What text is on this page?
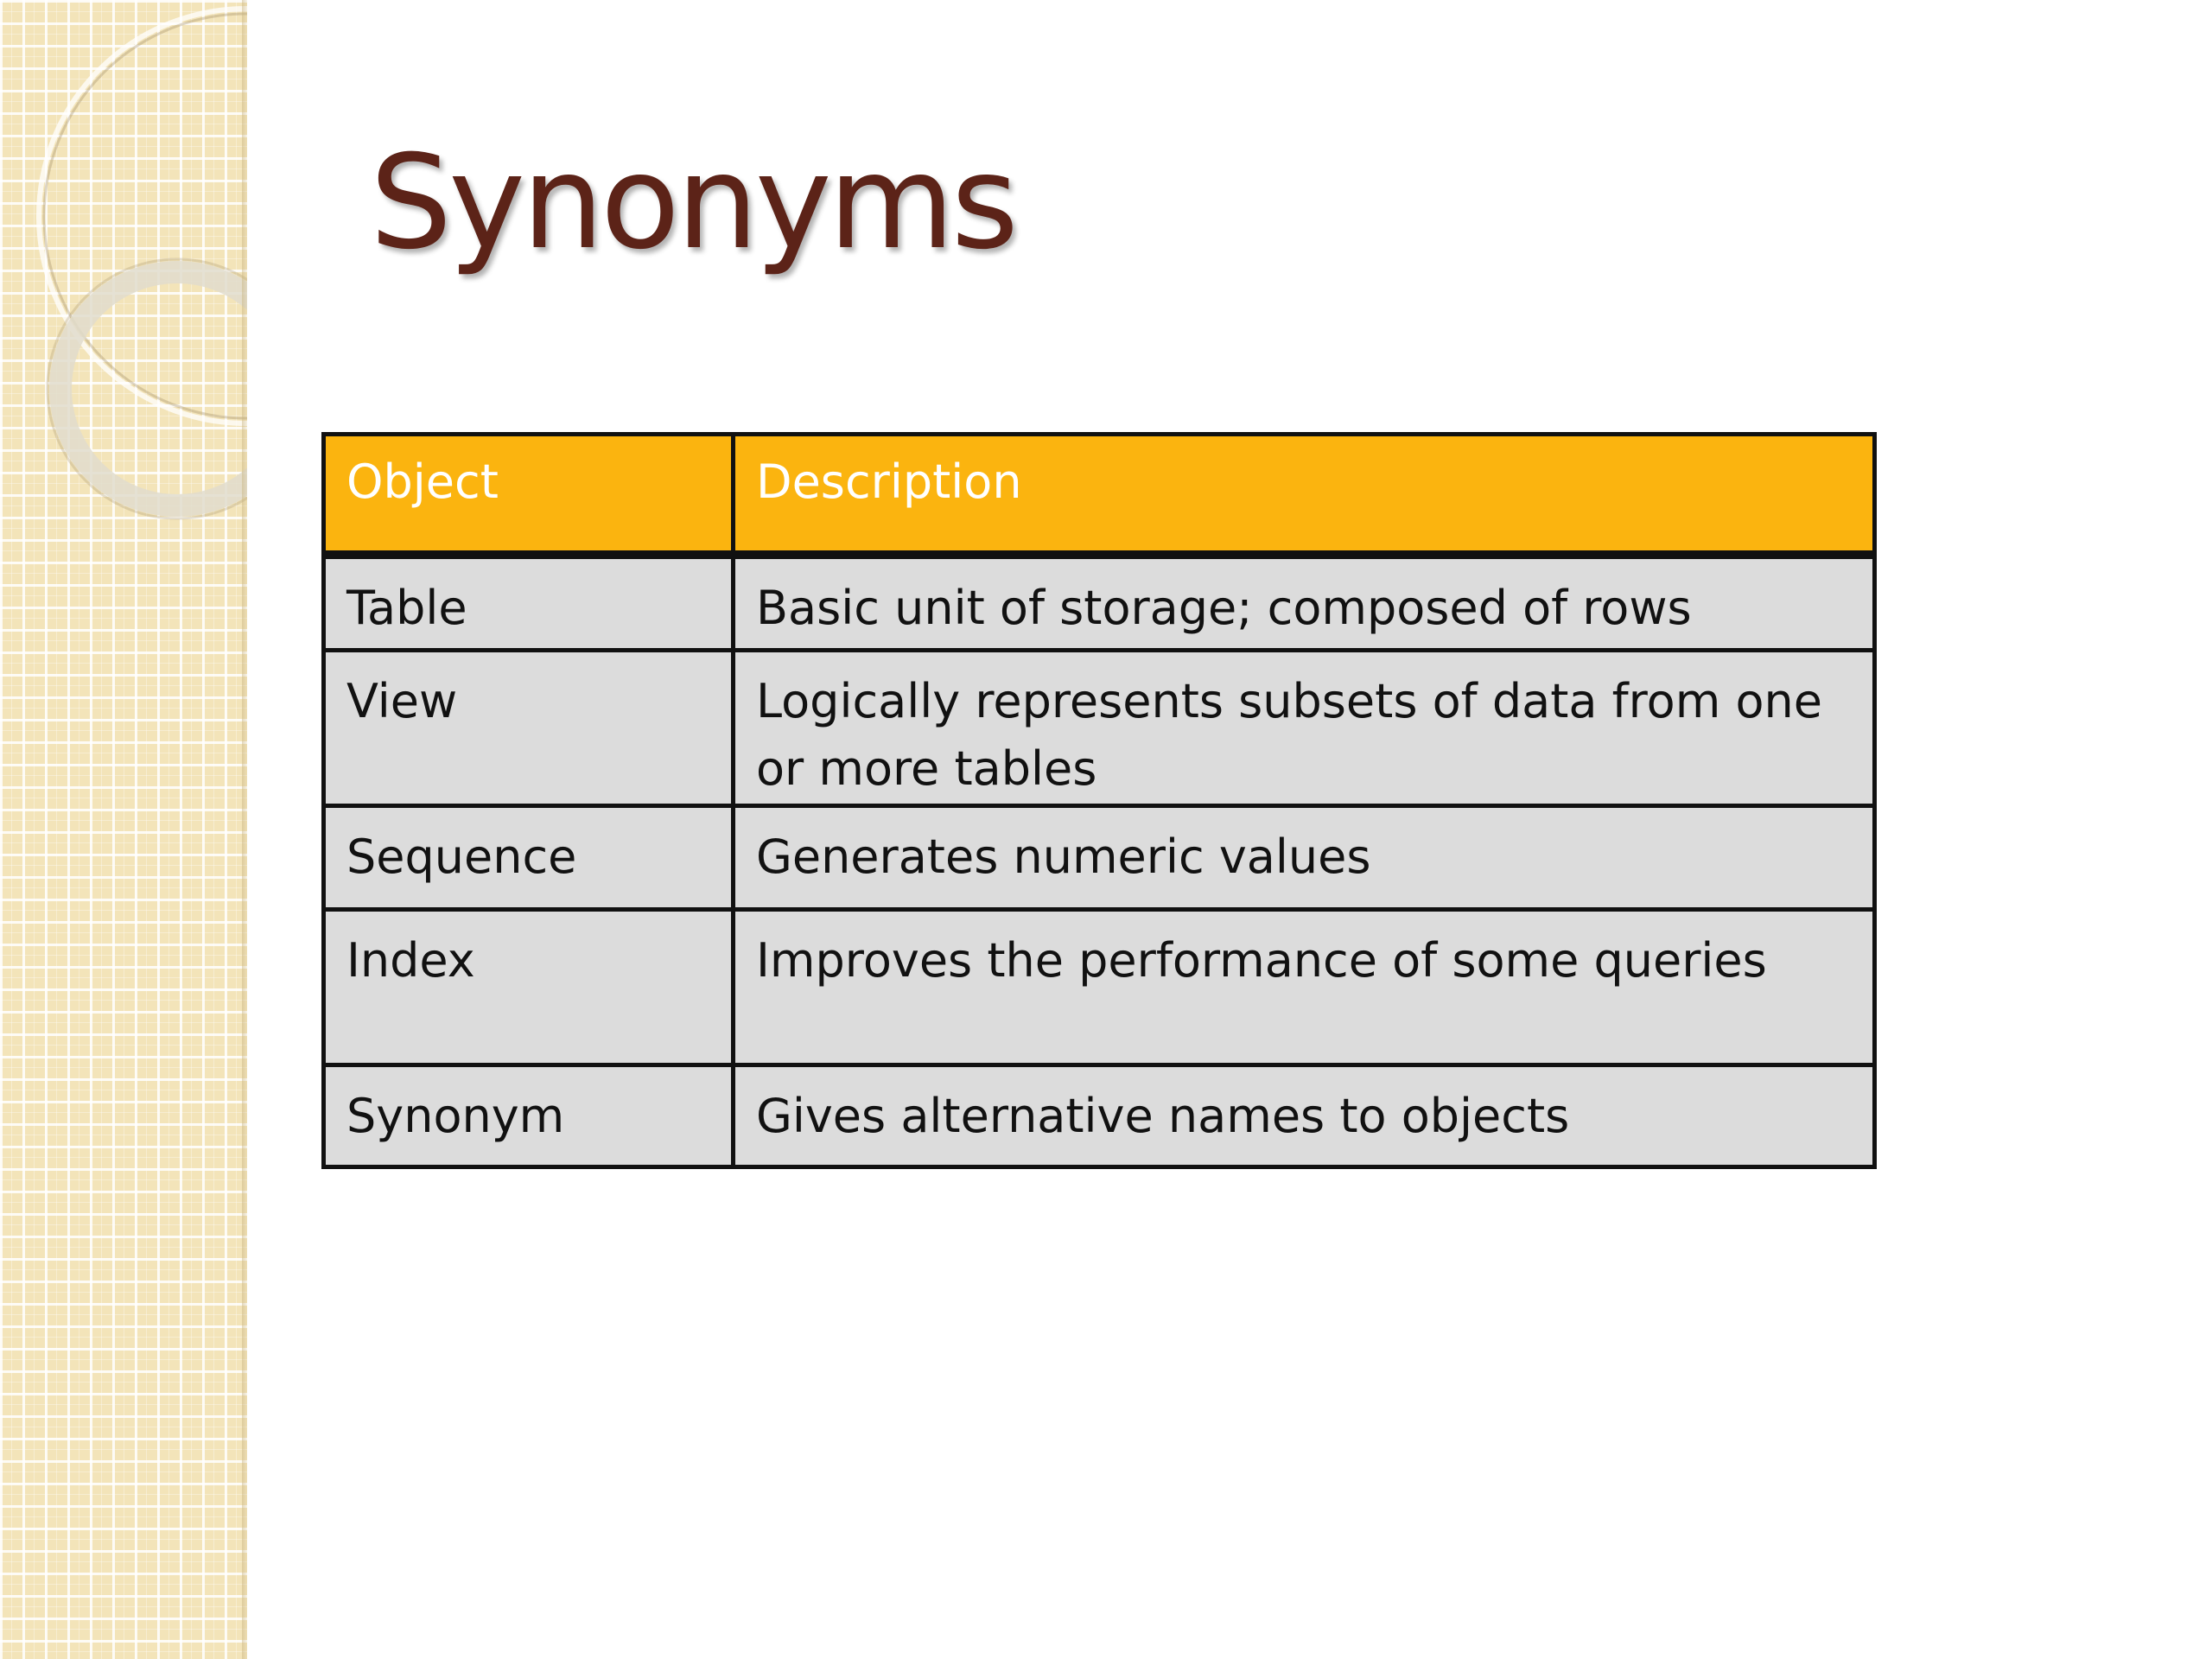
Synonyms
Object	Description
Table	Basic unit of storage; composed of rows
View	Logically represents subsets of data from one or more tables
Sequence	Generates numeric values
Index	Improves the performance of some queries
Synonym	Gives alternative names to objects
